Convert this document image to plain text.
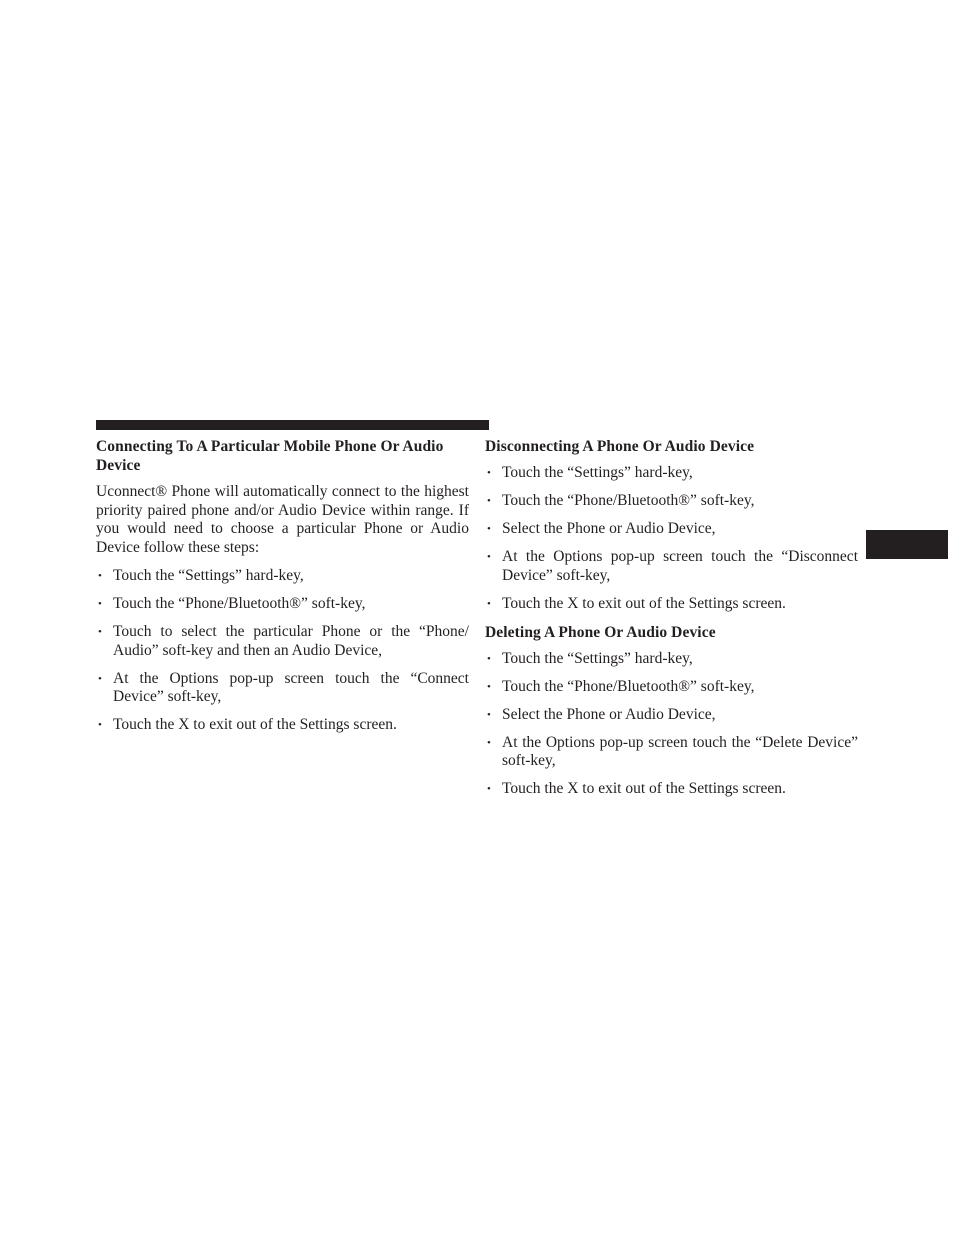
Connecting To A Particular Mobile Phone Or Audio Device

Uconnect® Phone will automatically connect to the highest priority paired phone and/or Audio Device within range. If you would need to choose a particular Phone or Audio Device follow these steps:

• Touch the “Settings” hard-key,
• Touch the “Phone/Bluetooth®” soft-key,
• Touch to select the particular Phone or the “Phone/ Audio” soft-key and then an Audio Device,
• At the Options pop-up screen touch the “Connect Device” soft-key,
• Touch the X to exit out of the Settings screen.
Disconnecting A Phone Or Audio Device
• Touch the “Settings” hard-key,
• Touch the “Phone/Bluetooth®” soft-key,
• Select the Phone or Audio Device,
• At the Options pop-up screen touch the “Disconnect Device” soft-key,
• Touch the X to exit out of the Settings screen.
Deleting A Phone Or Audio Device
• Touch the “Settings” hard-key,
• Touch the “Phone/Bluetooth®” soft-key,
• Select the Phone or Audio Device,
• At the Options pop-up screen touch the “Delete Device” soft-key,
• Touch the X to exit out of the Settings screen.
